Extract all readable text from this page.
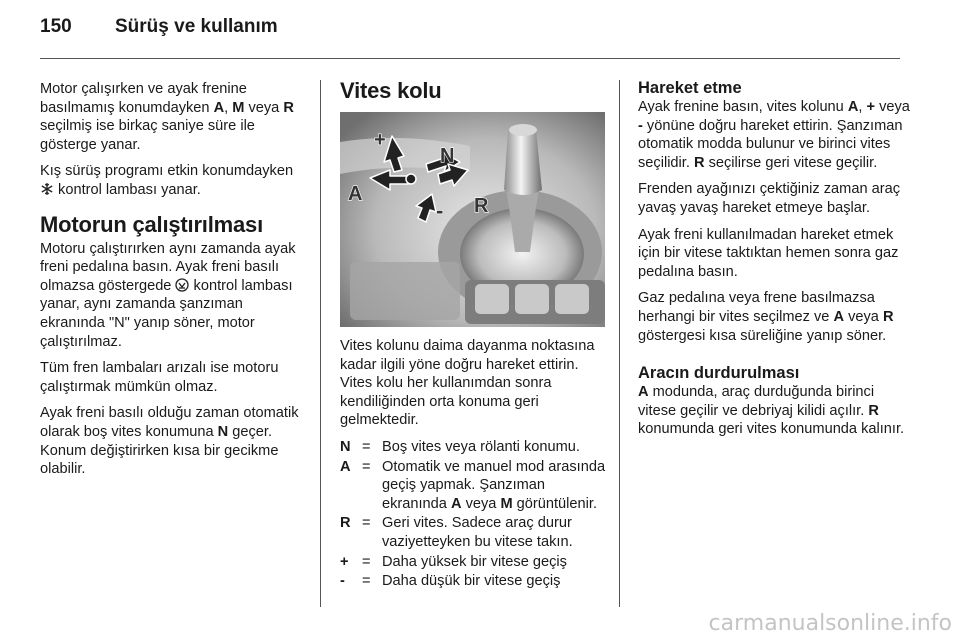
150 Sürüş ve kullanım

Motor çalışırken ve ayak frenine basılmamış konumdayken A, M veya R seçilmiş ise birkaç saniye süre ile gösterge yanar.

Kış sürüş programı etkin konumdayken  kontrol lambası yanar.

Motorun çalıştırılması

Motoru çalıştırırken aynı zamanda ayak freni pedalına basın. Ayak freni basılı olmazsa göstergede  kontrol lambası yanar, aynı zamanda şanzıman ekranında "N" yanıp söner, motor çalıştırılmaz.

Tüm fren lambaları arızalı ise motoru çalıştırmak mümkün olmaz.

Ayak freni basılı olduğu zaman otomatik olarak boş vites konumuna N geçer. Konum değiştirirken kısa bir gecikme olabilir.

Vites kolu
+
N
A
- R

Vites kolunu daima dayanma noktasına kadar ilgili yöne doğru hareket ettirin. Vites kolu her kullanımdan sonra kendiliğinden orta konuma geri gelmektedir.

N = Boş vites veya rölanti konumu.
A = Otomatik ve manuel mod arasında geçiş yapmak. Şanzıman ekranında A veya M görüntülenir.
R = Geri vites. Sadece araç durur vaziyetteyken bu vitese takın.
+ = Daha yüksek bir vitese geçiş
-	= Daha düşük bir vitese geçiş
Hareket etme

Ayak frenine basın, vites kolunu A, + veya - yönüne doğru hareket ettirin. Şanzıman otomatik modda bulunur ve birinci vites seçilidir. R seçilirse geri vitese geçilir.

Frenden ayağınızı çektiğiniz zaman araç yavaş yavaş hareket etmeye başlar.

Ayak freni kullanılmadan hareket etmek için bir vitese taktıktan hemen sonra gaz pedalına basın.

Gaz pedalına veya frene basılmazsa herhangi bir vites seçilmez ve A veya R göstergesi kısa süreliğine yanıp söner.

Aracın durdurulması

A modunda, araç durduğunda birinci vitese geçilir ve debriyaj kilidi açılır. R konumunda geri vites konumunda kalınır.

carmanualsonline.info
